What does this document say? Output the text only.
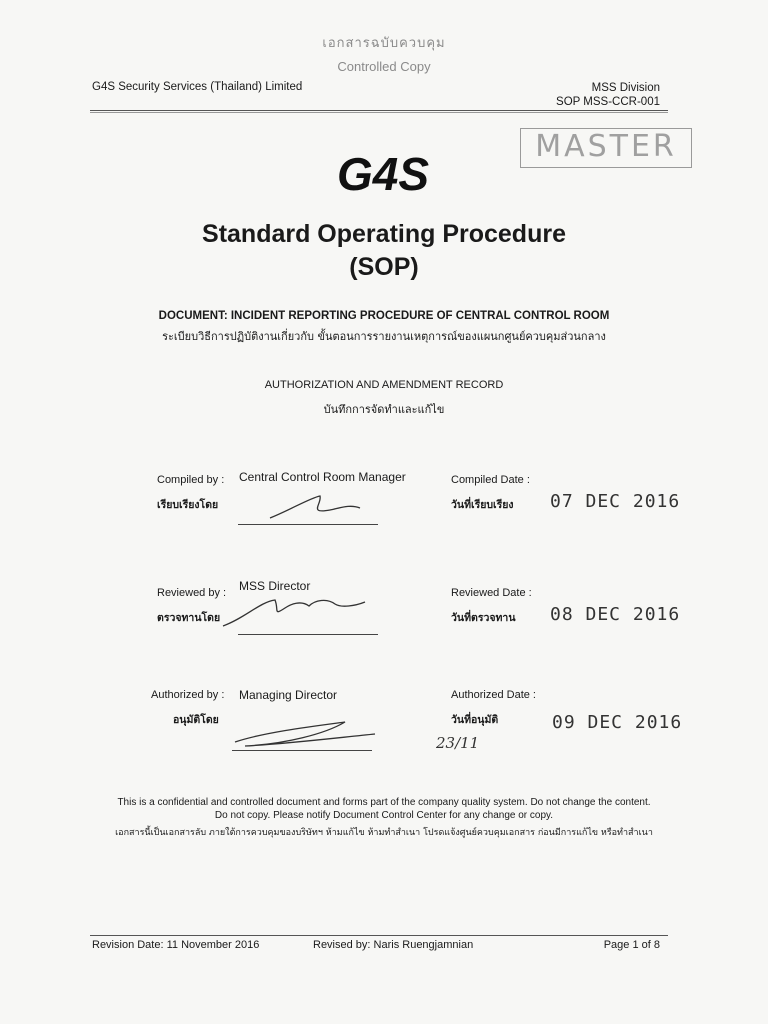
เอกสารฉบับควบคุม
Controlled Copy
G4S Security Services (Thailand) Limited	MSS Division
SOP MSS-CCR-001
MASTER
G4S
Standard Operating Procedure
(SOP)
DOCUMENT: INCIDENT REPORTING PROCEDURE OF CENTRAL CONTROL ROOM
ระเบียบวิธีการปฏิบัติงานเกี่ยวกับ ขั้นตอนการรายงานเหตุการณ์ของแผนกศูนย์ควบคุมส่วนกลาง
AUTHORIZATION AND AMENDMENT RECORD
บันทึกการจัดทำและแก้ไข
Compiled by : Central Control Room Manager
เรียบเรียงโดย
Compiled Date :
วันที่เรียบเรียง 07 DEC 2016
Reviewed by : MSS Director
ตรวจทานโดย
Reviewed Date :
วันที่ตรวจทาน 08 DEC 2016
Authorized by : Managing Director
อนุมัติโดย
Authorized Date :
วันที่อนุมัติ	09 DEC 2016
23/11
This is a confidential and controlled document and forms part of the company quality system. Do not change the content.
Do not copy. Please notify Document Control Center for any change or copy.
เอกสารนี้เป็นเอกสารลับ ภายใต้การควบคุมของบริษัทฯ ห้ามแก้ไข ห้ามทำสำเนา โปรดแจ้งศูนย์ควบคุมเอกสาร ก่อนมีการแก้ไข หรือทำสำเนา
Revision Date: 11 November 2016	Revised by: Naris Ruengjamnian	Page 1 of 8
